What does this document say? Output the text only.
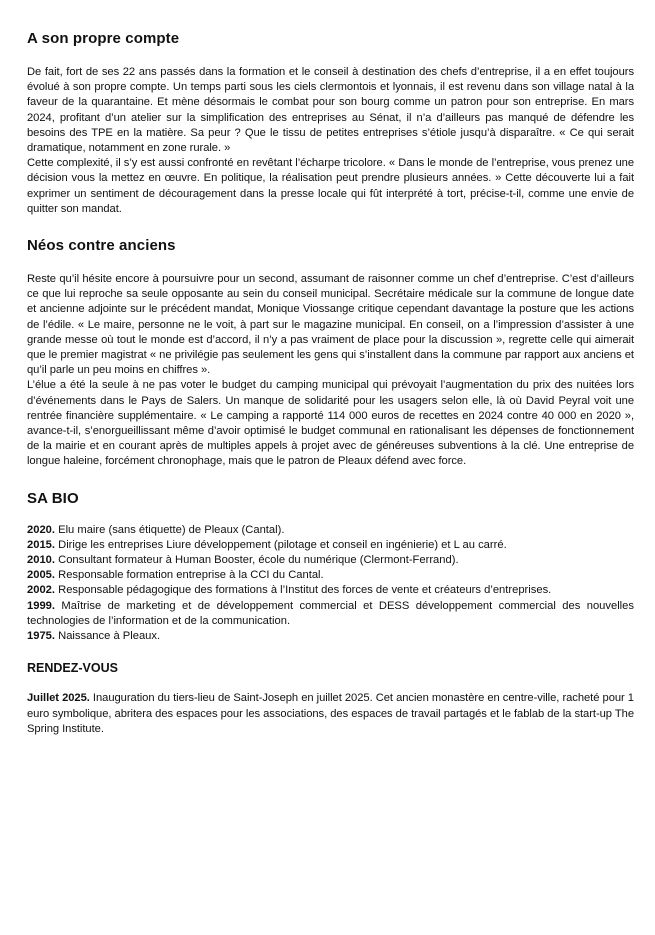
A son propre compte

De fait, fort de ses 22 ans passés dans la formation et le conseil à destination des chefs d’entreprise, il a en effet toujours évolué à son propre compte. Un temps parti sous les ciels clermontois et lyonnais, il est revenu dans son village natal à la faveur de la quarantaine. Et mène désormais le combat pour son bourg comme un patron pour son entreprise. En mars 2024, profitant d’un atelier sur la simplification des entreprises au Sénat, il n’a d’ailleurs pas manqué de défendre les besoins des TPE en la matière. Sa peur ? Que le tissu de petites entreprises s’étiole jusqu’à disparaître. « Ce qui serait dramatique, notamment en zone rurale. »

Cette complexité, il s’y est aussi confronté en revêtant l’écharpe tricolore. « Dans le monde de l’entreprise, vous prenez une décision vous la mettez en œuvre. En politique, la réalisation peut prendre plusieurs années. » Cette découverte lui a fait exprimer un sentiment de découragement dans la presse locale qui fût interprété à tort, précise-t-il, comme une envie de quitter son mandat.

Néos contre anciens

Reste qu’il hésite encore à poursuivre pour un second, assumant de raisonner comme un chef d’entreprise. C’est d’ailleurs ce que lui reproche sa seule opposante au sein du conseil municipal. Secrétaire médicale sur la commune de longue date et ancienne adjointe sur le précédent mandat, Monique Viossange critique cependant davantage la posture que les actions de l’édile. « Le maire, personne ne le voit, à part sur le magazine municipal. En conseil, on a l’impression d’assister à une grande messe où tout le monde est d’accord, il n’y a pas vraiment de place pour la discussion », regrette celle qui aimerait que le premier magistrat « ne privilégie pas seulement les gens qui s’installent dans la commune par rapport aux anciens et qu’il parle un peu moins en chiffres ».

L’élue a été la seule à ne pas voter le budget du camping municipal qui prévoyait l’augmentation du prix des nuitées lors d’événements dans le Pays de Salers. Un manque de solidarité pour les usagers selon elle, là où David Peyral voit une rentrée financière supplémentaire. « Le camping a rapporté 114 000 euros de recettes en 2024 contre 40 000 en 2020 », avance-t-il, s’enorgueillissant même d’avoir optimisé le budget communal en rationalisant les dépenses de fonctionnement de la mairie et en courant après de multiples appels à projet avec de généreuses subventions à la clé. Une entreprise de longue haleine, forcément chronophage, mais que le patron de Pleaux défend avec force.

SA BIO
2020. Elu maire (sans étiquette) de Pleaux (Cantal).
2015. Dirige les entreprises Liure développement (pilotage et conseil en ingénierie) et L au carré.
2010. Consultant formateur à Human Booster, école du numérique (Clermont-Ferrand).
2005. Responsable formation entreprise à la CCI du Cantal.
2002. Responsable pédagogique des formations à l’Institut des forces de vente et créateurs d’entreprises.
1999. Maîtrise de marketing et de développement commercial et DESS développement commercial des nouvelles technologies de l’information et de la communication.
1975. Naissance à Pleaux.
RENDEZ-VOUS

Juillet 2025. Inauguration du tiers-lieu de Saint-Joseph en juillet 2025. Cet ancien monastère en centre-ville, racheté pour 1 euro symbolique, abritera des espaces pour les associations, des espaces de travail partagés et le fablab de la start-up The Spring Institute.
